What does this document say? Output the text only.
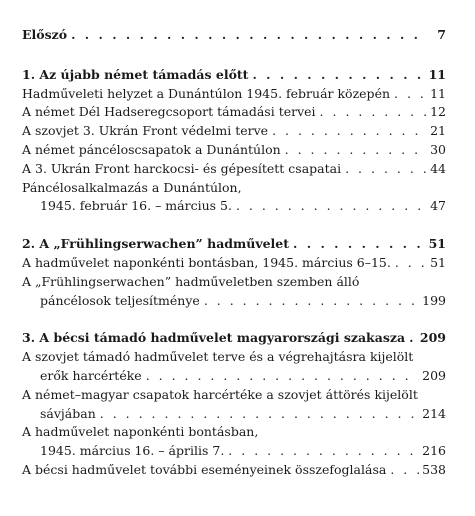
Előszó . . .	7
1. Az újabb német támadás előtt . . .	11
Hadműveleti helyzet a Dunántúlon 1945. február közepén . . .	11
A német Dél Hadseregcsoport támadási tervei . . .	12
A szovjet 3. Ukrán Front védelmi terve . . .	21
A német páncéloscsapatok a Dunántúlon . . .	30
A 3. Ukrán Front harckocsi- és gépesített csapatai . . .	44
Páncélosalkalmazás a Dunántúlon,
1945. február 16. – március 5. . . .	47
2. A „Frühlingserwachen” hadművelet . . .	51
A hadművelet naponkénti bontásban, 1945. március 6–15. . . .	51
A „Frühlingserwachen” hadműveletben szemben álló
páncélosok teljesítménye . . .	199
3. A bécsi támadó hadművelet magyarországi szakasza . . . 209
A szovjet támadó hadművelet terve és a végrehajtásra kijelölt
erők harcértéke . . .	209
A német–magyar csapatok harcértéke a szovjet áttörés kijelölt
sávjában . . .	214
A hadművelet naponkénti bontásban,
1945. március 16. – április 7. . . .	216
A bécsi hadművelet további eseményeinek összefoglalása . . .	538
